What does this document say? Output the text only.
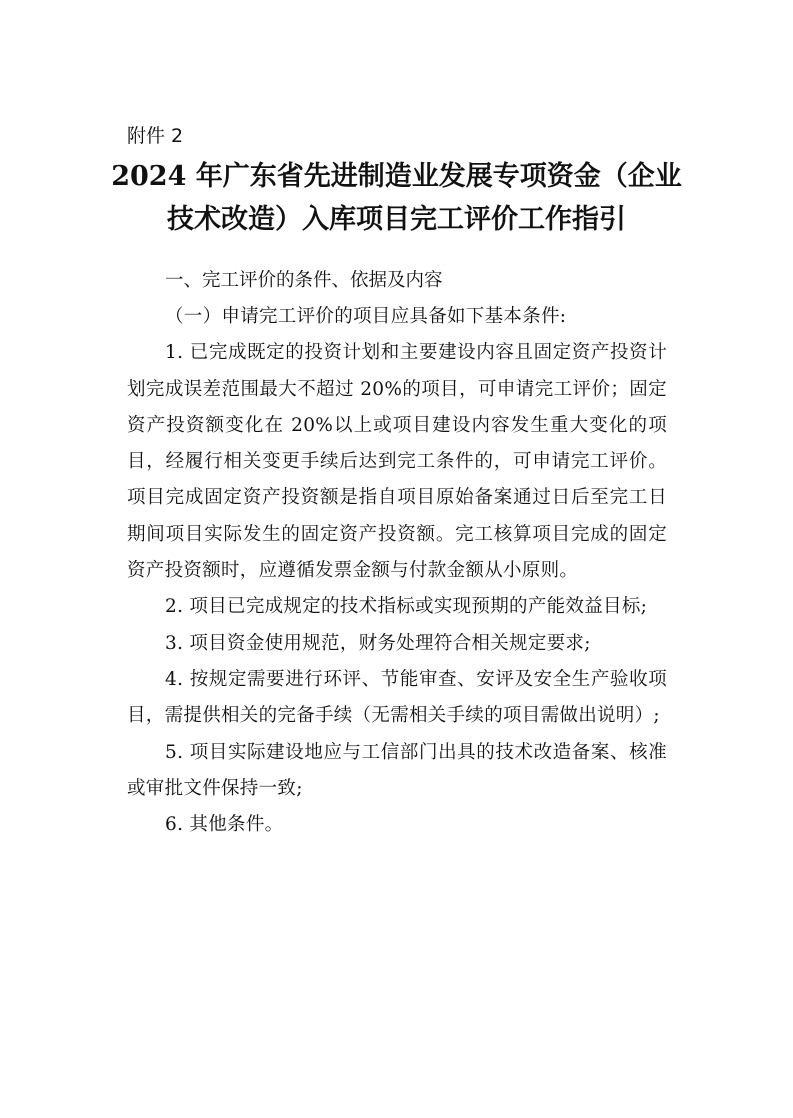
附件 2
2024 年广东省先进制造业发展专项资金（企业技术改造）入库项目完工评价工作指引
一、完工评价的条件、依据及内容

（一）申请完工评价的项目应具备如下基本条件:

1. 已完成既定的投资计划和主要建设内容且固定资产投资计划完成误差范围最大不超过 20%的项目，可申请完工评价；固定资产投资额变化在 20%以上或项目建设内容发生重大变化的项目，经履行相关变更手续后达到完工条件的，可申请完工评价。项目完成固定资产投资额是指自项目原始备案通过日后至完工日期间项目实际发生的固定资产投资额。完工核算项目完成的固定资产投资额时，应遵循发票金额与付款金额从小原则。

2. 项目已完成规定的技术指标或实现预期的产能效益目标;

3. 项目资金使用规范，财务处理符合相关规定要求;

4. 按规定需要进行环评、节能审查、安评及安全生产验收项目，需提供相关的完备手续（无需相关手续的项目需做出说明）;

5. 项目实际建设地应与工信部门出具的技术改造备案、核准或审批文件保持一致;

6. 其他条件。
